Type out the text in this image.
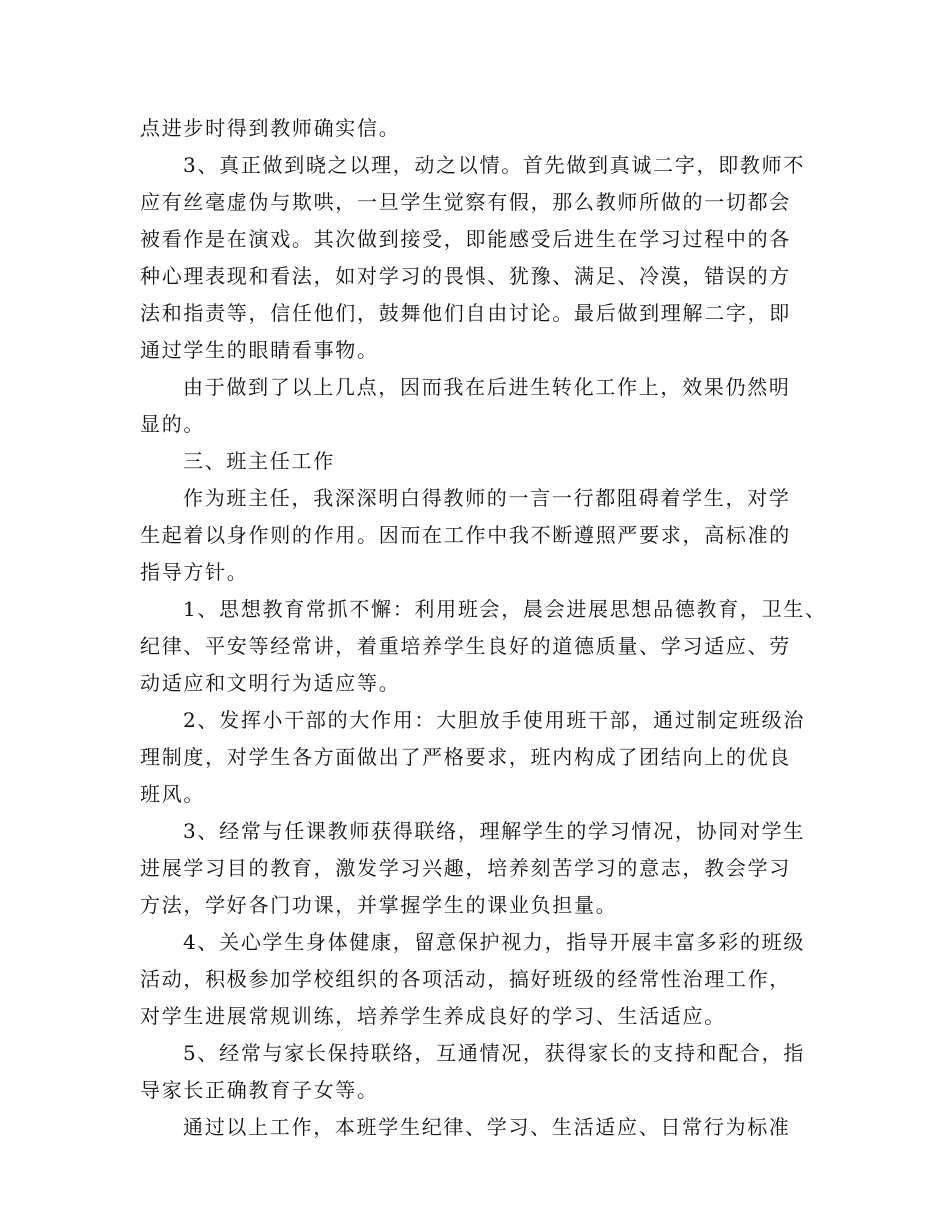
点进步时得到教师确实信。
3、真正做到晓之以理，动之以情。首先做到真诚二字，即教师不
应有丝毫虚伪与欺哄，一旦学生觉察有假，那么教师所做的一切都会
被看作是在演戏。其次做到接受，即能感受后进生在学习过程中的各
种心理表现和看法，如对学习的畏惧、犹豫、满足、冷漠，错误的方
法和指责等，信任他们，鼓舞他们自由讨论。最后做到理解二字，即
通过学生的眼睛看事物。
由于做到了以上几点，因而我在后进生转化工作上，效果仍然明
显的。
三、班主任工作
作为班主任，我深深明白得教师的一言一行都阻碍着学生，对学
生起着以身作则的作用。因而在工作中我不断遵照严要求，高标准的
指导方针。
1、思想教育常抓不懈：利用班会，晨会进展思想品德教育，卫生、
纪律、平安等经常讲，着重培养学生良好的道德质量、学习适应、劳
动适应和文明行为适应等。
2、发挥小干部的大作用：大胆放手使用班干部，通过制定班级治
理制度，对学生各方面做出了严格要求，班内构成了团结向上的优良
班风。
3、经常与任课教师获得联络，理解学生的学习情况，协同对学生
进展学习目的教育，激发学习兴趣，培养刻苦学习的意志，教会学习
方法，学好各门功课，并掌握学生的课业负担量。
4、关心学生身体健康，留意保护视力，指导开展丰富多彩的班级
活动，积极参加学校组织的各项活动，搞好班级的经常性治理工作，
对学生进展常规训练，培养学生养成良好的学习、生活适应。
5、经常与家长保持联络，互通情况，获得家长的支持和配合，指
导家长正确教育子女等。
通过以上工作，本班学生纪律、学习、生活适应、日常行为标准
